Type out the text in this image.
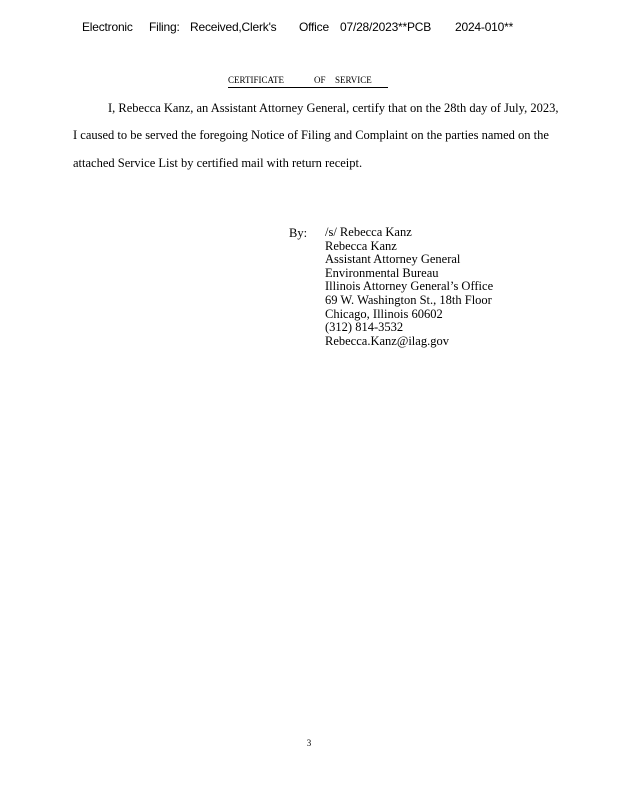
Electronic Filing: Received,Clerk's Office 07/28/2023**PCB 2024-010**
CERTIFICATE	OF SERVICE
I, Rebecca Kanz, an Assistant Attorney General, certify that on the 28th day of July, 2023,
I caused to be served the foregoing Notice of Filing and Complaint on the parties named on the
attached Service List by certified mail with return receipt.
By: /s/ Rebecca Kanz
Rebecca Kanz
Assistant Attorney General
Environmental Bureau
Illinois Attorney General’s Office
69 W. Washington St., 18th Floor
Chicago, Illinois 60602
(312) 814-3532
Rebecca.Kanz@ilag.gov
3
